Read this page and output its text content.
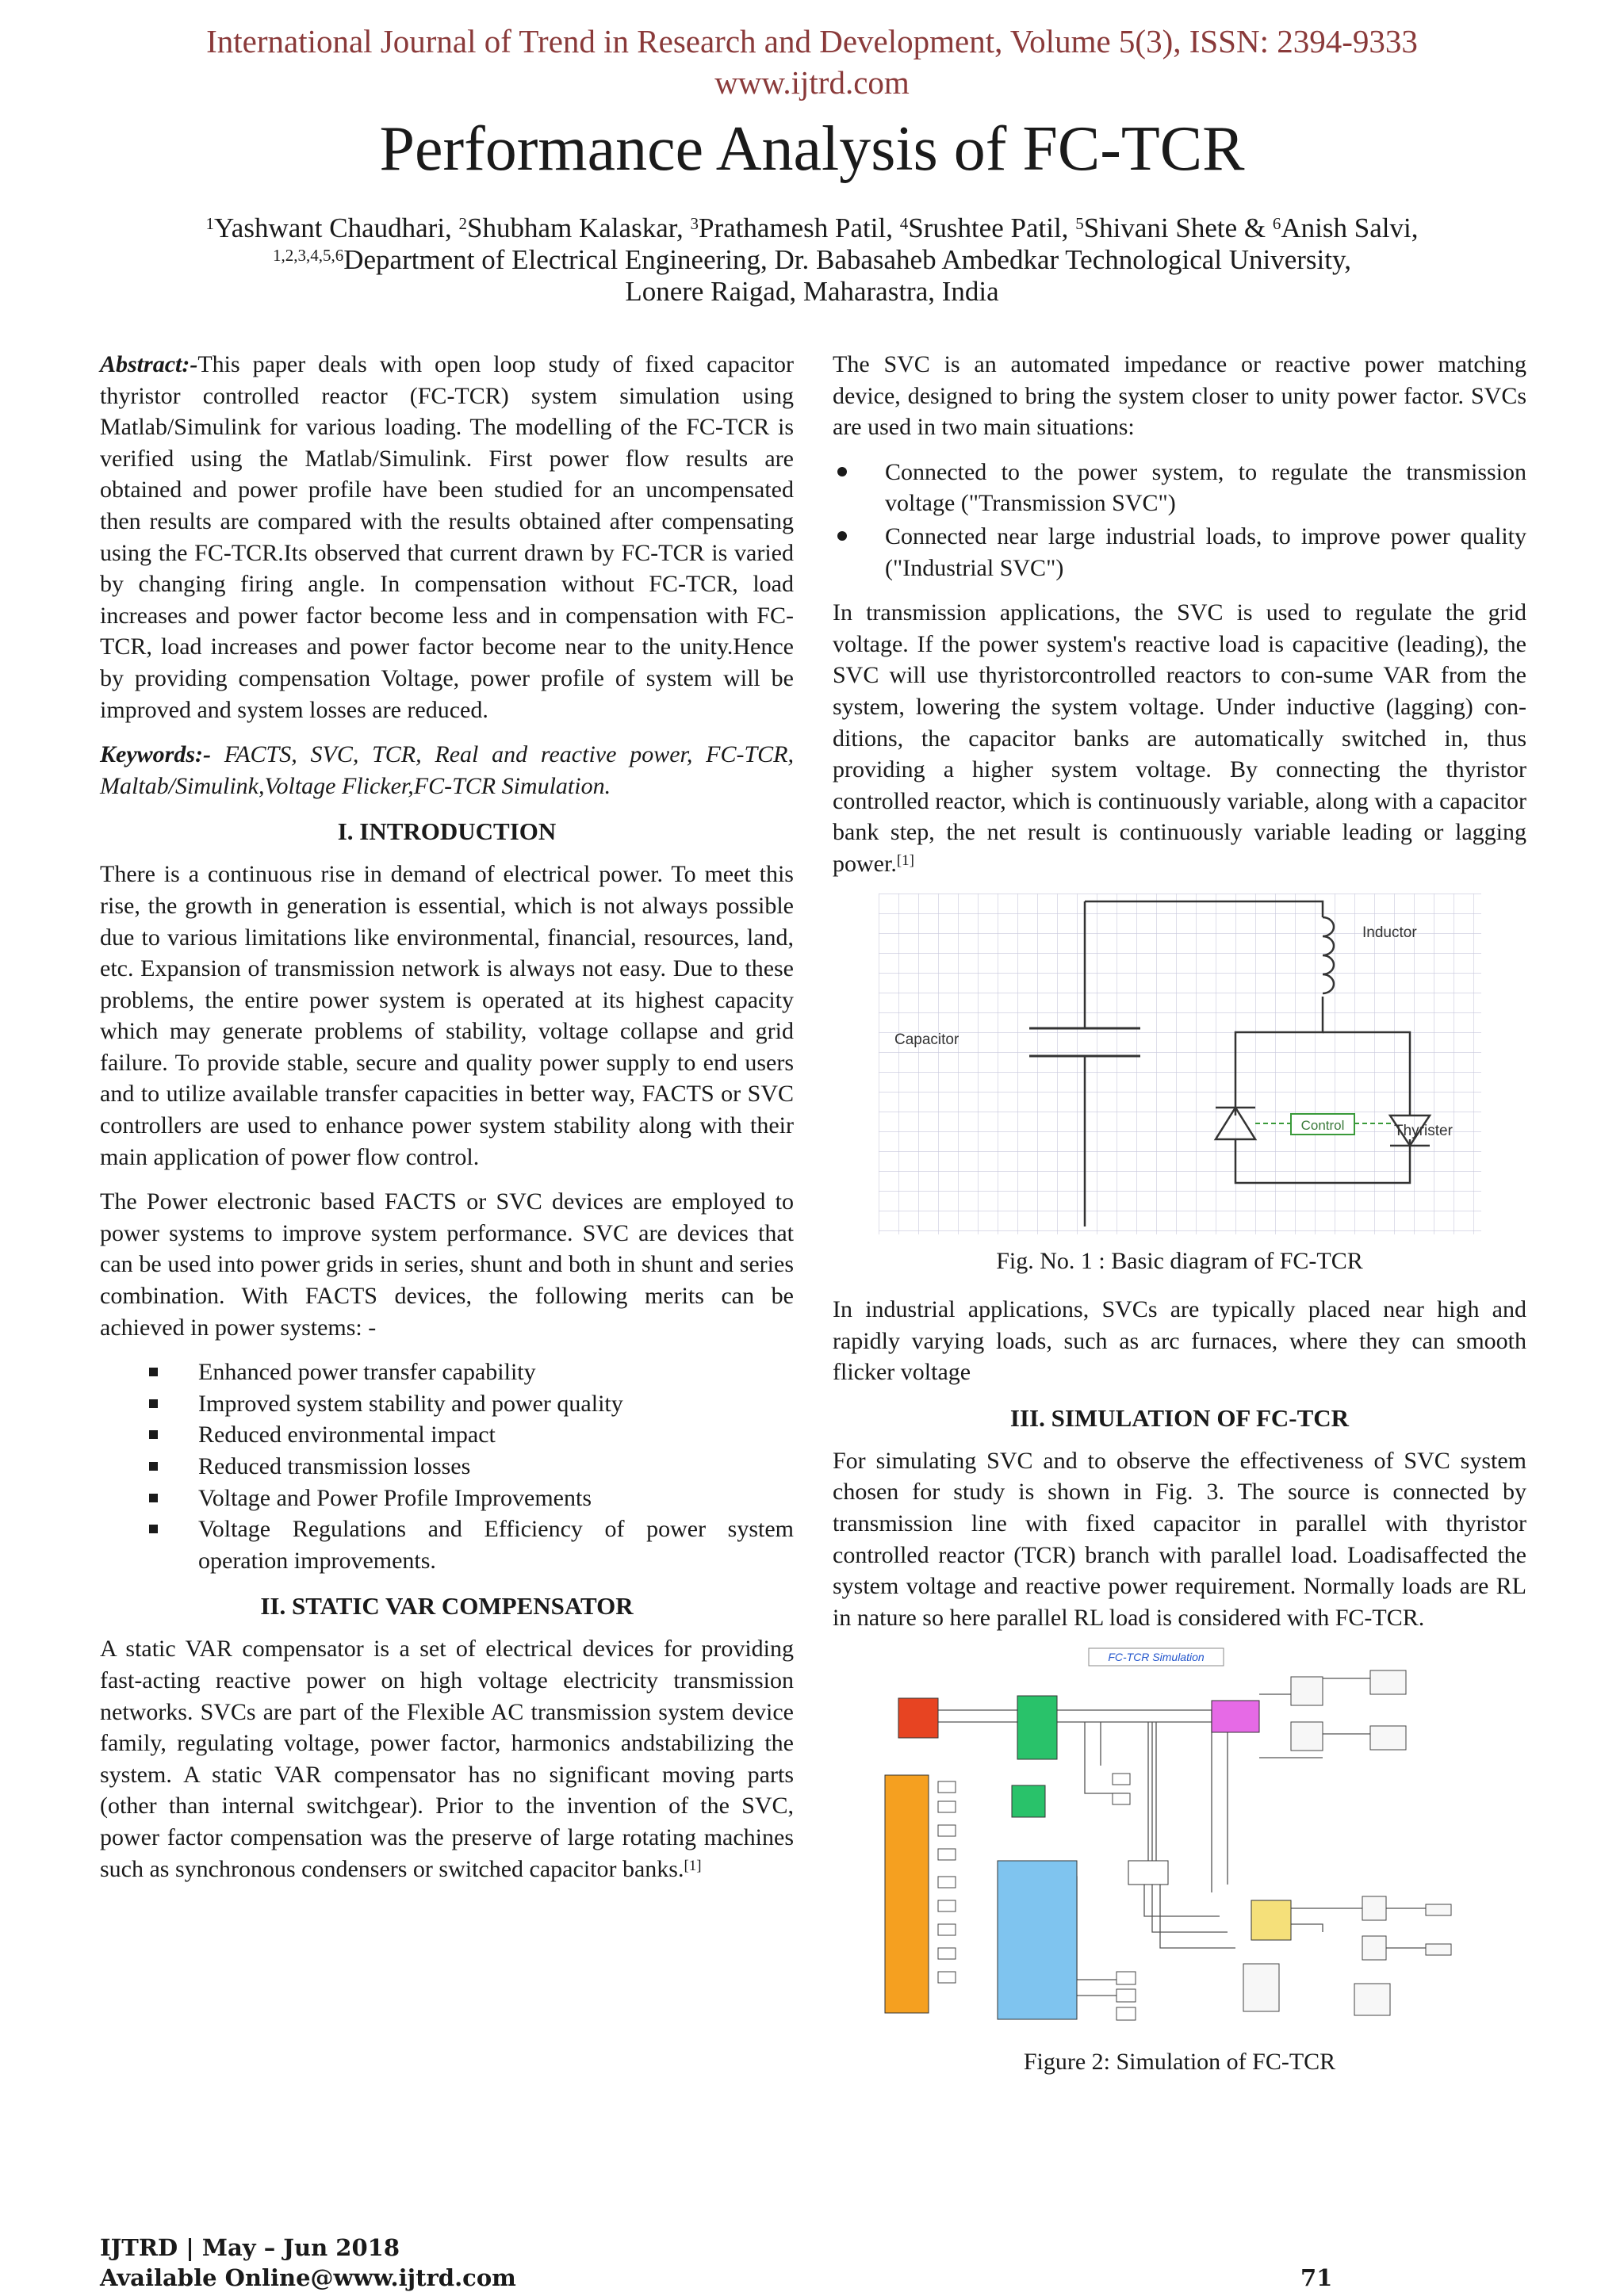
International Journal of Trend in Research and Development, Volume 5(3), ISSN: 2394-9333
www.ijtrd.com
Performance Analysis of FC-TCR
$^1$Yashwant Chaudhari, $^2$Shubham Kalaskar, $^3$Prathamesh Patil, $^4$Srushtee Patil, $^5$Shivani Shete & $^6$Anish Salvi,
$^{1,2,3,4,5,6}$Department of Electrical Engineering, Dr. Babasaheb Ambedkar Technological University,
Lonere Raigad, Maharastra, India

Abstract:-This paper deals with open loop study of fixed capacitor thyristor controlled reactor (FC-TCR) system simulation using Matlab/Simulink for various loading. The modelling of the FC-TCR is verified using the Matlab/Simulink. First power flow results are obtained and power profile have been studied for an uncompensated then results are compared with the results obtained after compensating using the FC-TCR.Its observed that current drawn by FC-TCR is varied by changing firing angle. In compensation without FC-TCR, load increases and power factor become less and in compensation with FC-TCR, load increases and power factor become near to the unity.Hence by providing compensation Voltage, power profile of system will be improved and system losses are reduced.

Keywords:- FACTS, SVC, TCR, Real and reactive power, FC-TCR, Maltab/Simulink,Voltage Flicker,FC-TCR Simulation.

I. INTRODUCTION

There is a continuous rise in demand of electrical power. To meet this rise, the growth in generation is essential, which is not always possible due to various limitations like environmental, financial, resources, land, etc. Expansion of transmission network is always not easy. Due to these problems, the entire power system is operated at its highest capacity which may generate problems of stability, voltage collapse and grid failure. To provide stable, secure and quality power supply to end users and to utilize available transfer capacities in better way, FACTS or SVC controllers are used to enhance power system stability along with their main application of power flow control.

The Power electronic based FACTS or SVC devices are employed to power systems to improve system performance. SVC are devices that can be used into power grids in series, shunt and both in shunt and series combination. With FACTS devices, the following merits can be achieved in power systems: -

Enhanced power transfer capability
Improved system stability and power quality
Reduced environmental impact
Reduced transmission losses
Voltage and Power Profile Improvements
Voltage Regulations and Efficiency of power system operation improvements.
II. STATIC VAR COMPENSATOR

A static VAR compensator is a set of electrical devices for providing fast-acting reactive power on high voltage electricity transmission networks. SVCs are part of the Flexible AC transmission system device family, regulating voltage, power factor, harmonics andstabilizing the system. A static VAR compensator has no significant moving parts (other than internal switchgear). Prior to the invention of the SVC, power factor compensation was the preserve of large rotating machines such as synchronous condensers or switched capacitor banks.[1]

The SVC is an automated impedance or reactive power matching device, designed to bring the system closer to unity power factor. SVCs are used in two main situations:

Connected to the power system, to regulate the transmission voltage ("Transmission SVC")
Connected near large industrial loads, to improve power quality ("Industrial SVC")

In transmission applications, the SVC is used to regulate the grid voltage. If the power system's reactive load is capacitive (leading), the SVC will use thyristorcontrolled reactors to con-sume VAR from the system, lowering the system voltage. Under inductive (lagging) con-ditions, the capacitor banks are automatically switched in, thus providing a higher system voltage. By connecting the thyristor controlled reactor, which is continuously variable, along with a capacitor bank step, the net result is continuously variable leading or lagging power.[1]

Control
Inductor
Capacitor
Thyrister
Fig. No. 1 : Basic diagram of FC-TCR

In industrial applications, SVCs are typically placed near high and rapidly varying loads, such as arc furnaces, where they can smooth flicker voltage

III. SIMULATION OF FC-TCR

For simulating SVC and to observe the effectiveness of SVC system chosen for study is shown in Fig. 3. The source is connected by transmission line with fixed capacitor in parallel with thyristor controlled reactor (TCR) branch with parallel load. Loadisaffected the system voltage and reactive power requirement. Normally loads are RL in nature so here parallel RL load is considered with FC-TCR.

FC-TCR Simulation
Figure 2: Simulation of FC-TCR
IJTRD | May – Jun 2018
Available Online@www.ijtrd.com	71
